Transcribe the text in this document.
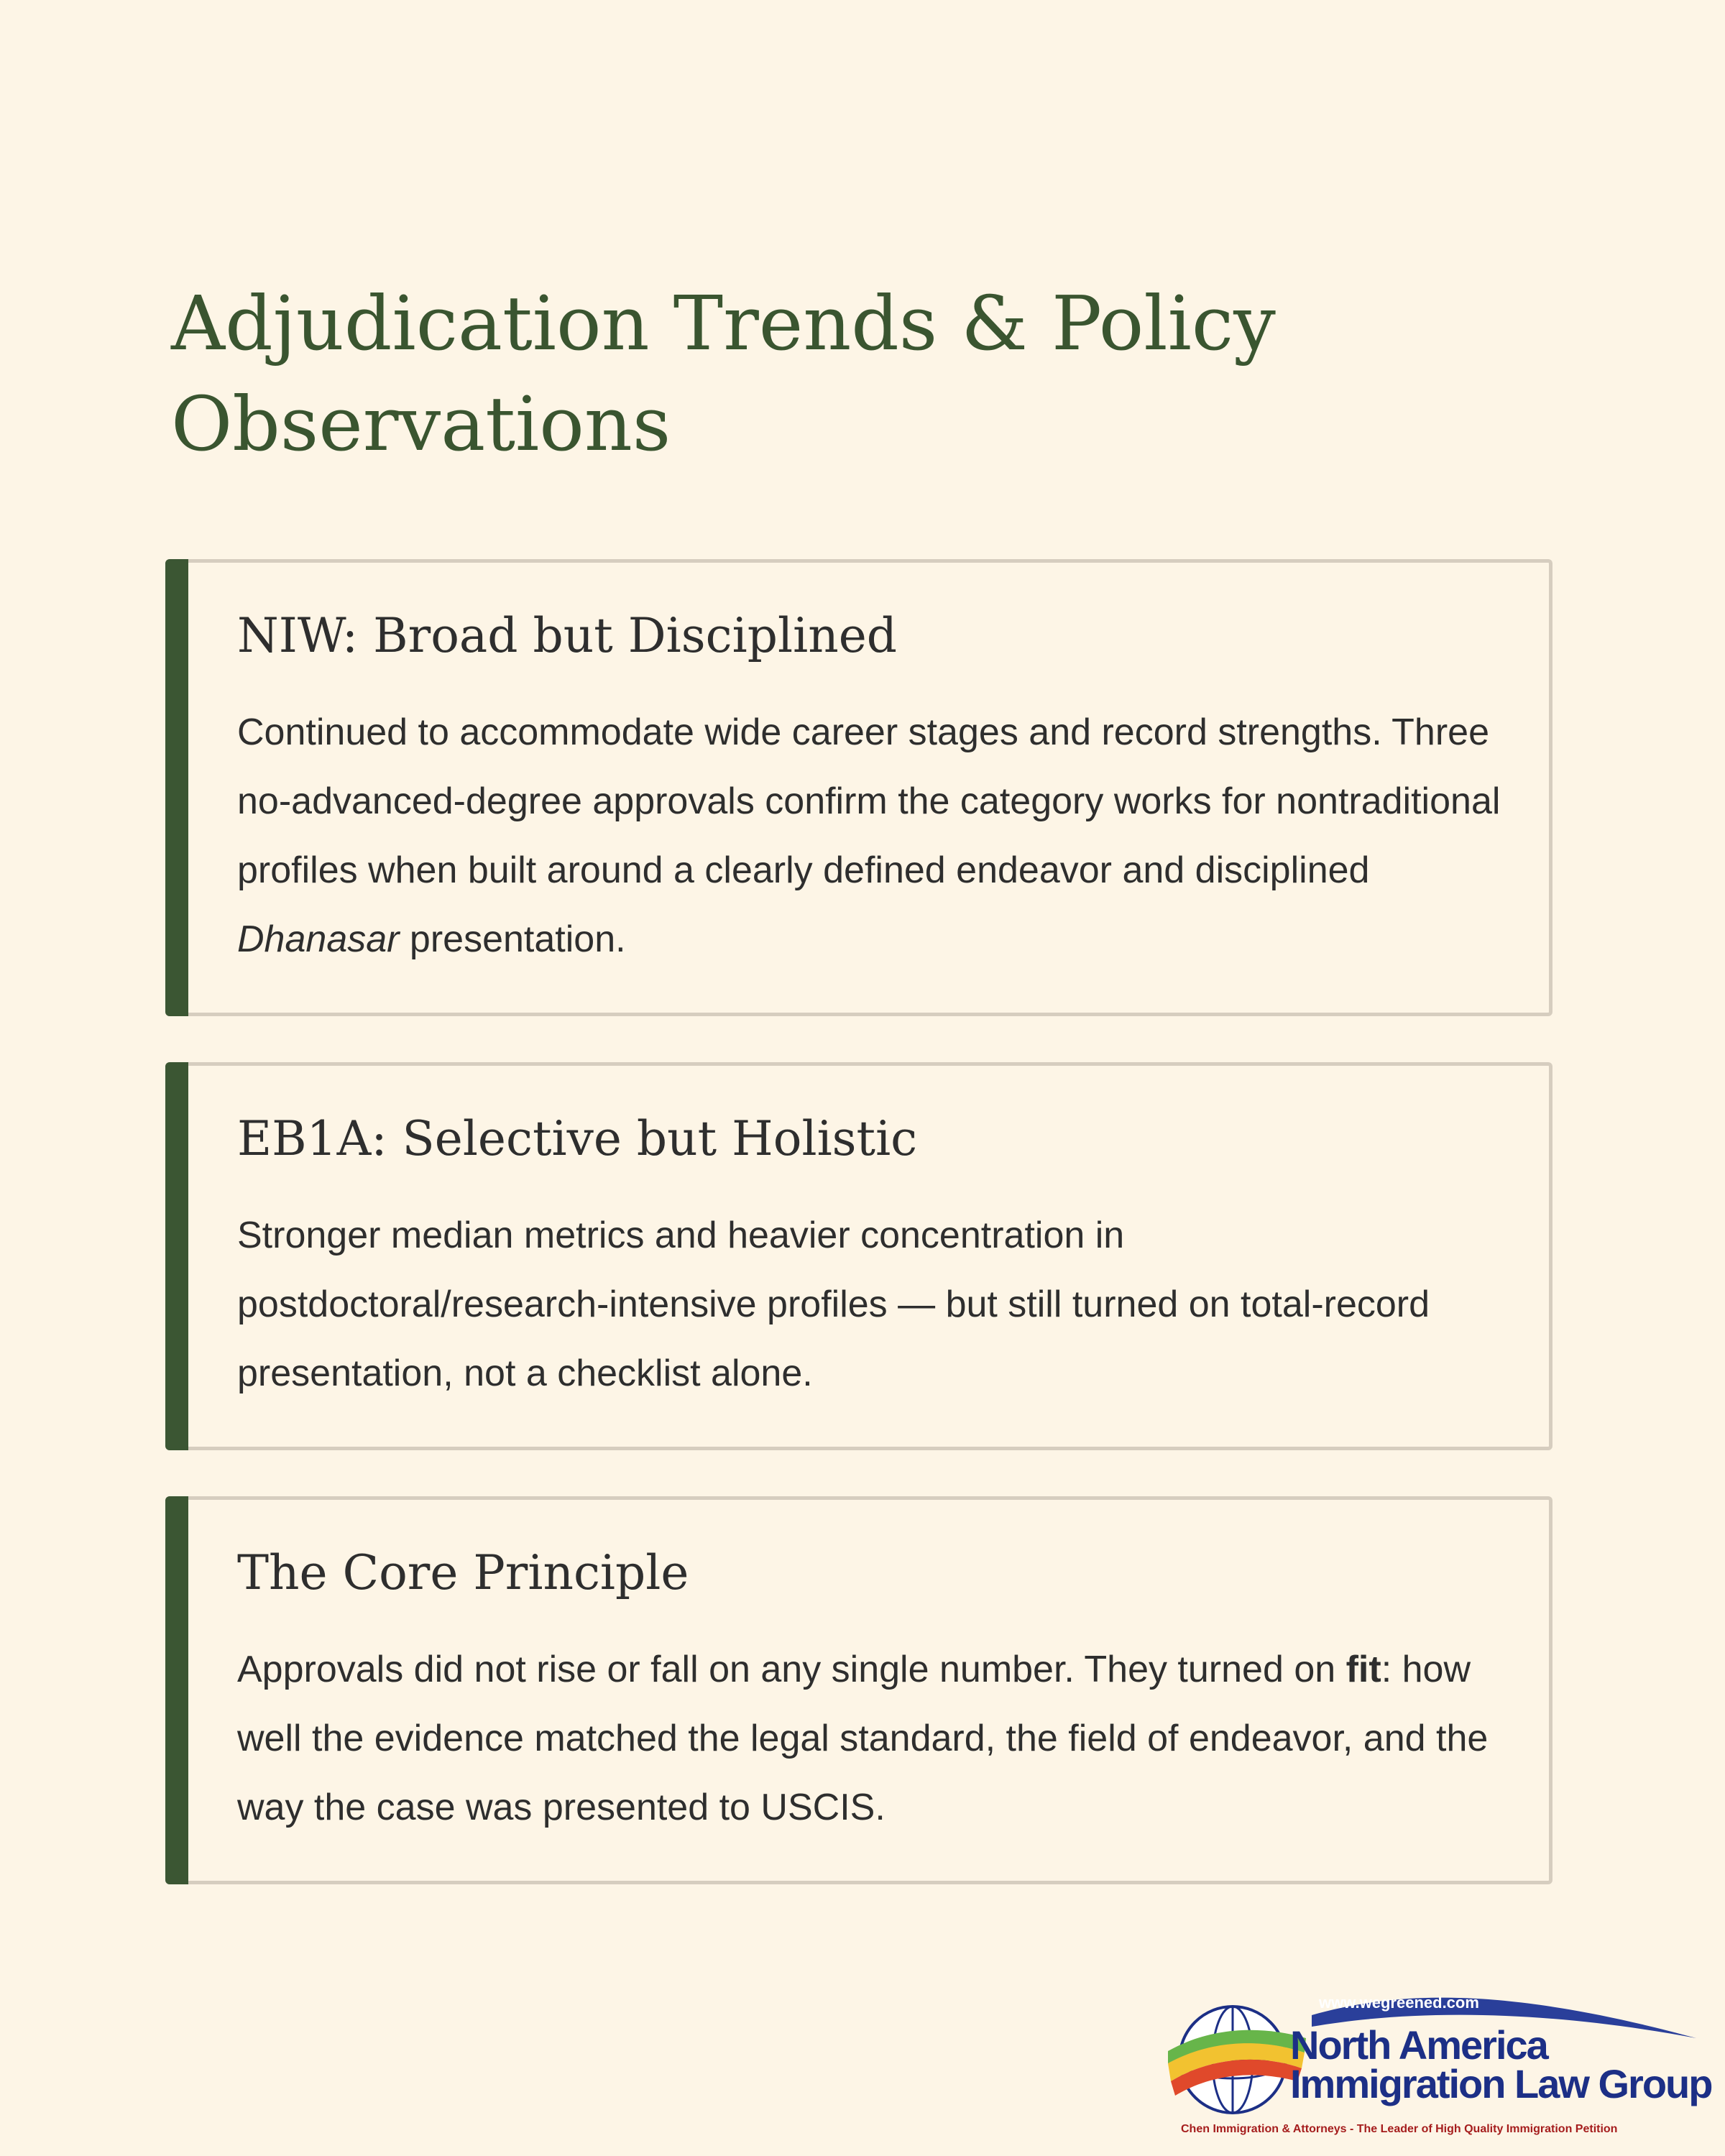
Adjudication Trends & Policy Observations
NIW: Broad but Disciplined

Continued to accommodate wide career stages and record strengths. Three no-advanced-degree approvals confirm the category works for nontraditional profiles when built around a clearly defined endeavor and disciplined Dhanasar presentation.

EB1A: Selective but Holistic

Stronger median metrics and heavier concentration in postdoctoral/research-intensive profiles — but still turned on total-record presentation, not a checklist alone.

The Core Principle

Approvals did not rise or fall on any single number. They turned on fit: how well the evidence matched the legal standard, the field of endeavor, and the way the case was presented to USCIS.

www.wegreened.com
North America
Immigration Law Group
Chen Immigration & Attorneys - The Leader of High Quality Immigration Petition
